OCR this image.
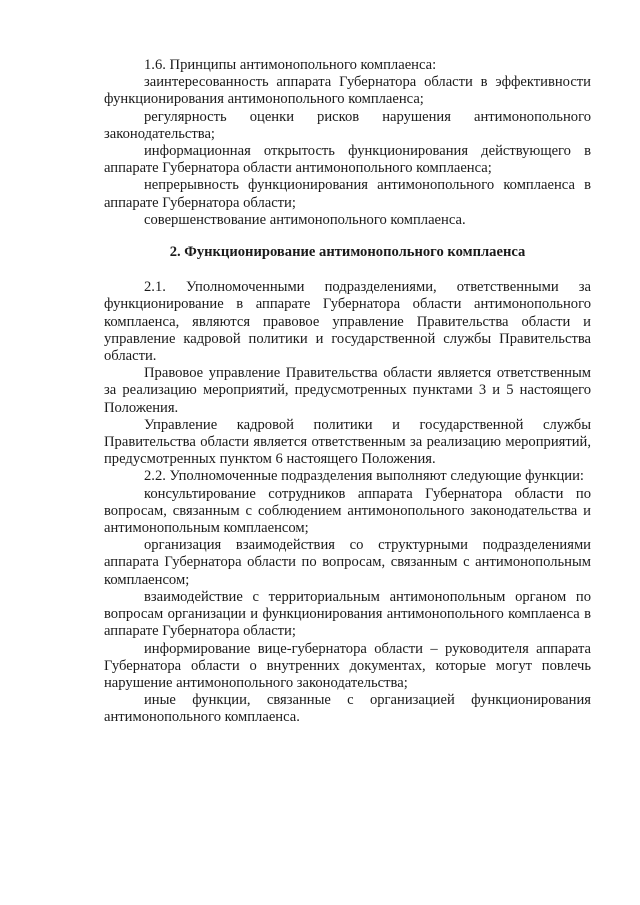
1.6. Принципы антимонопольного комплаенса:

заинтересованность аппарата Губернатора области в эффективности функционирования антимонопольного комплаенса;

регулярность оценки рисков нарушения антимонопольного законодательства;

информационная открытость функционирования действующего в аппарате Губернатора области антимонопольного комплаенса;

непрерывность функционирования антимонопольного комплаенса в аппарате Губернатора области;

совершенствование антимонопольного комплаенса.

2. Функционирование антимонопольного комплаенса

2.1. Уполномоченными подразделениями, ответственными за функционирование в аппарате Губернатора области антимонопольного комплаенса, являются правовое управление Правительства области и управление кадровой политики и государственной службы Правительства области.

Правовое управление Правительства области является ответственным за реализацию мероприятий, предусмотренных пунктами 3 и 5 настоящего Положения.

Управление кадровой политики и государственной службы Правительства области является ответственным за реализацию мероприятий, предусмотренных пунктом 6 настоящего Положения.

2.2. Уполномоченные подразделения выполняют следующие функции:

консультирование сотрудников аппарата Губернатора области по вопросам, связанным с соблюдением антимонопольного законодательства и антимонопольным комплаенсом;

организация взаимодействия со структурными подразделениями аппарата Губернатора области по вопросам, связанным с антимонопольным комплаенсом;

взаимодействие с территориальным антимонопольным органом по вопросам организации и функционирования антимонопольного комплаенса в аппарате Губернатора области;

информирование вице-губернатора области – руководителя аппарата Губернатора области о внутренних документах, которые могут повлечь нарушение антимонопольного законодательства;

иные функции, связанные с организацией функционирования антимонопольного комплаенса.
